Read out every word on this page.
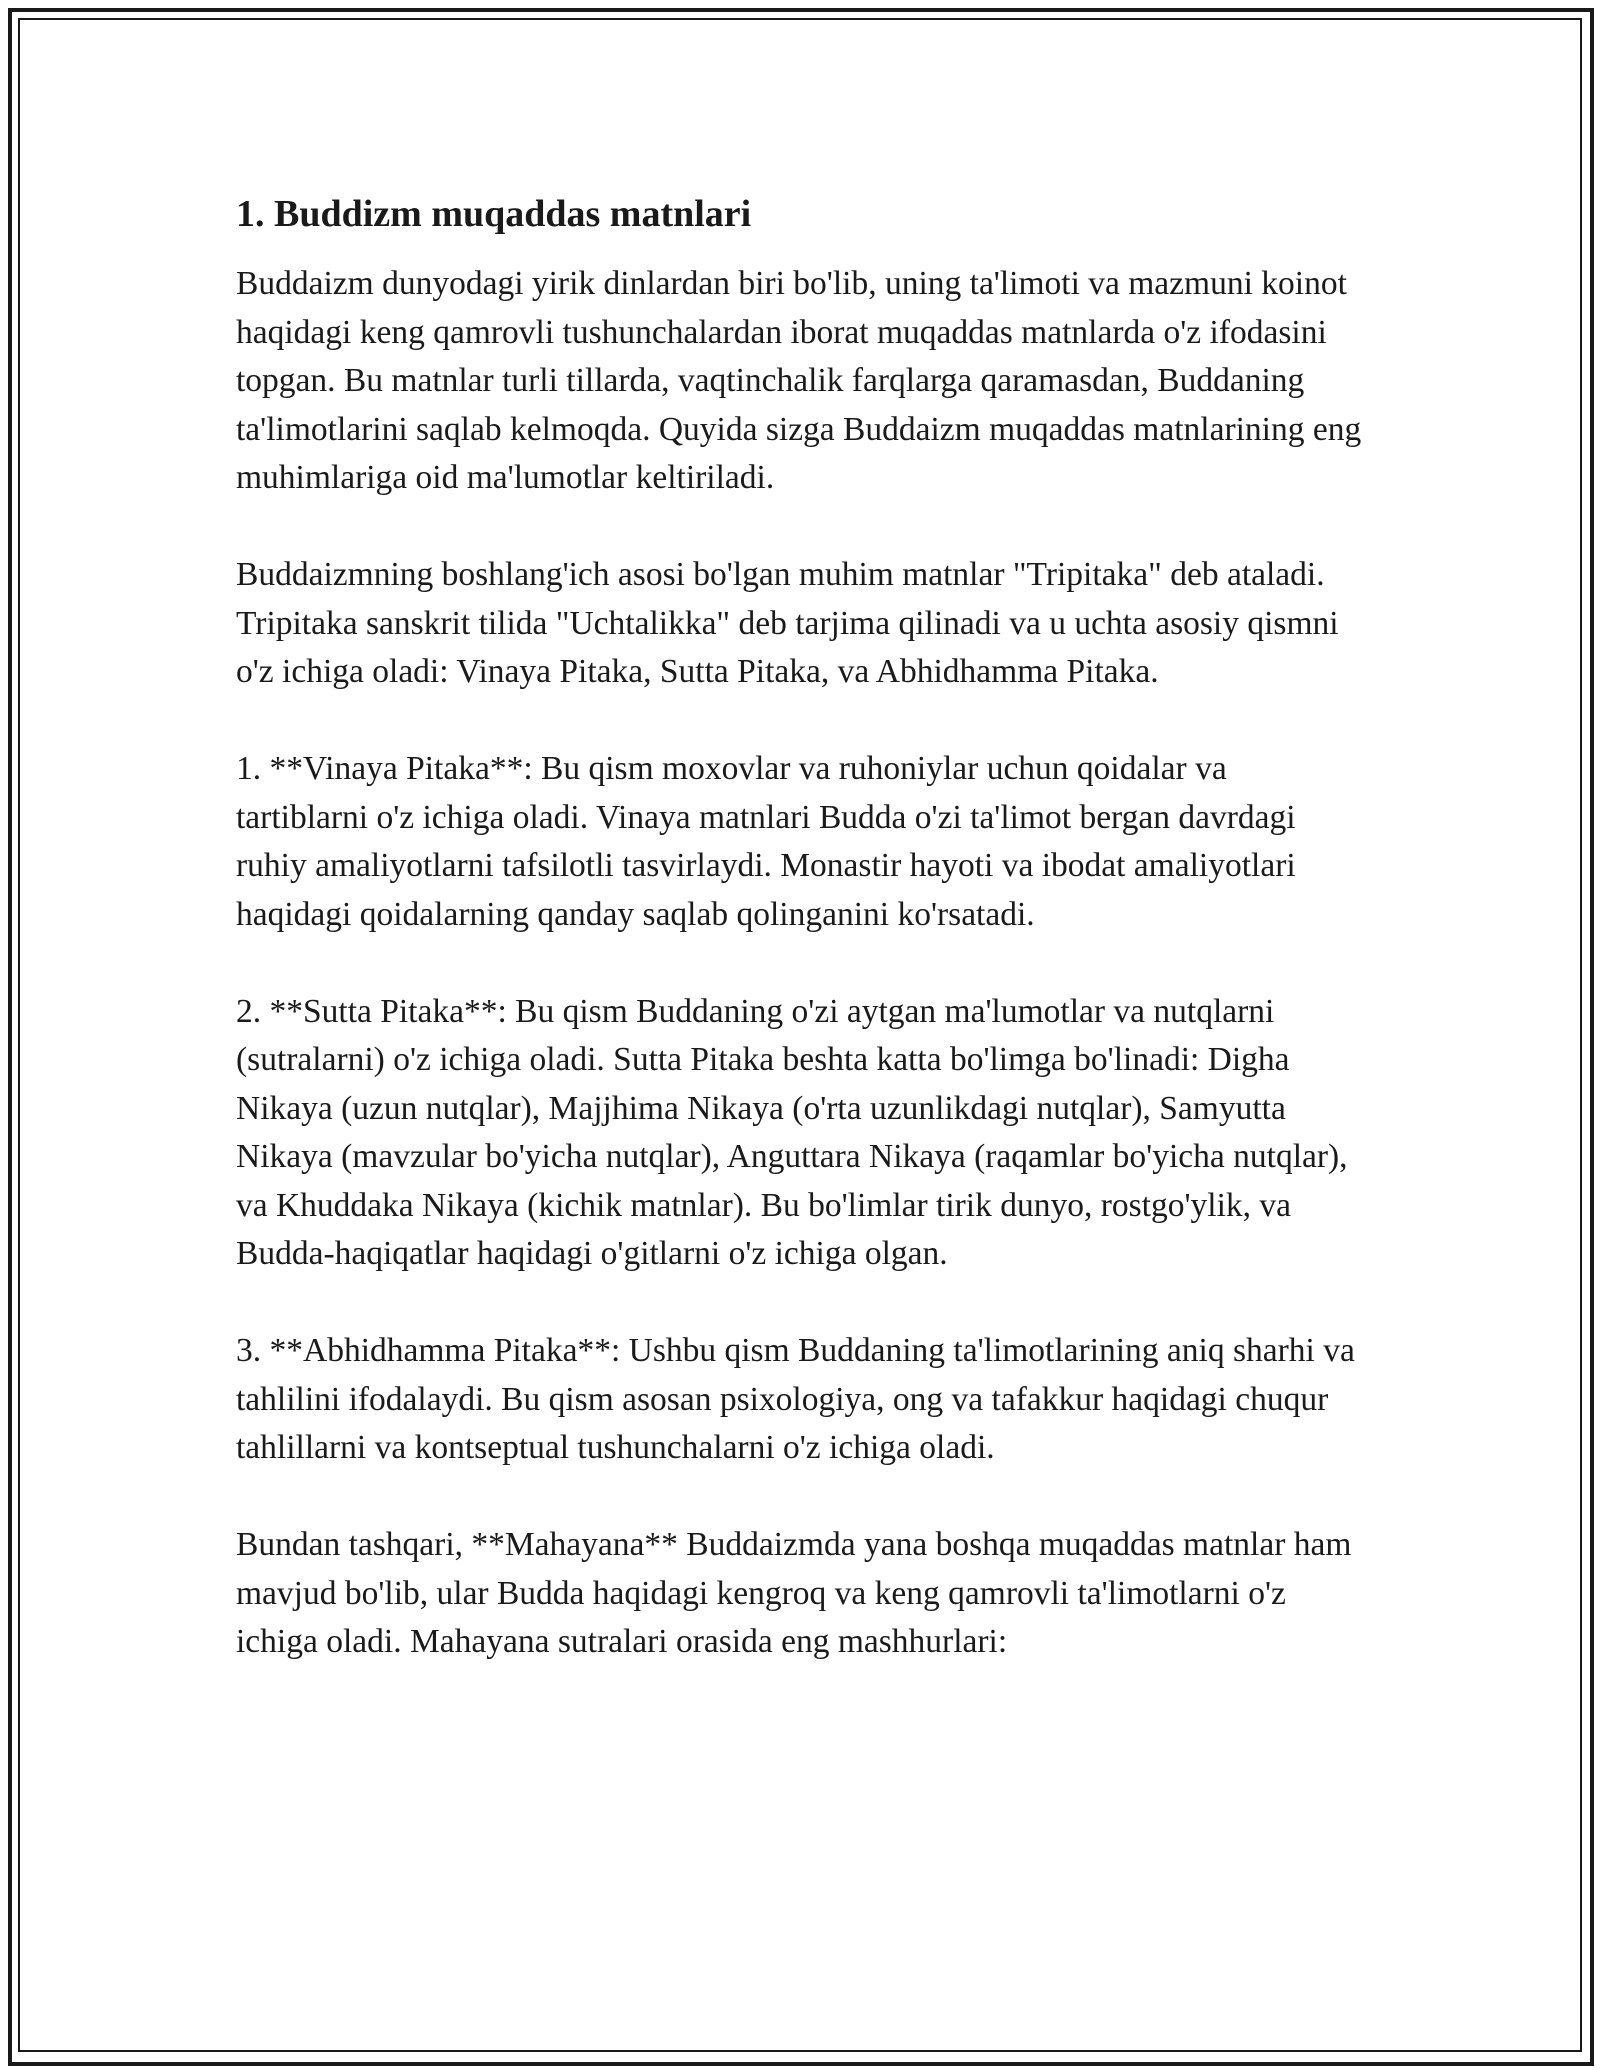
1. Buddizm muqaddas matnlari

Buddaizm dunyodagi yirik dinlardan biri bo'lib, uning ta'limoti va mazmuni koinot haqidagi keng qamrovli tushunchalardan iborat muqaddas matnlarda o'z ifodasini topgan. Bu matnlar turli tillarda, vaqtinchalik farqlarga qaramasdan, Buddaning ta'limotlarini saqlab kelmoqda. Quyida sizga Buddaizm muqaddas matnlarining eng muhimlariga oid ma'lumotlar keltiriladi.

Buddaizmning boshlang'ich asosi bo'lgan muhim matnlar "Tripitaka" deb ataladi. Tripitaka sanskrit tilida "Uchtalikka" deb tarjima qilinadi va u uchta asosiy qismni o'z ichiga oladi: Vinaya Pitaka, Sutta Pitaka, va Abhidhamma Pitaka.

1. **Vinaya Pitaka**: Bu qism moxovlar va ruhoniylar uchun qoidalar va tartiblarni o'z ichiga oladi. Vinaya matnlari Budda o'zi ta'limot bergan davrdagi ruhiy amaliyotlarni tafsilotli tasvirlaydi. Monastir hayoti va ibodat amaliyotlari haqidagi qoidalarning qanday saqlab qolinganini ko'rsatadi.

2. **Sutta Pitaka**: Bu qism Buddaning o'zi aytgan ma'lumotlar va nutqlarni (sutralarni) o'z ichiga oladi. Sutta Pitaka beshta katta bo'limga bo'linadi: Digha Nikaya (uzun nutqlar), Majjhima Nikaya (o'rta uzunlikdagi nutqlar), Samyutta Nikaya (mavzular bo'yicha nutqlar), Anguttara Nikaya (raqamlar bo'yicha nutqlar), va Khuddaka Nikaya (kichik matnlar). Bu bo'limlar tirik dunyo, rostgo'ylik, va Budda-haqiqatlar haqidagi o'gitlarni o'z ichiga olgan.

3. **Abhidhamma Pitaka**: Ushbu qism Buddaning ta'limotlarining aniq sharhi va tahlilini ifodalaydi. Bu qism asosan psixologiya, ong va tafakkur haqidagi chuqur tahlillarni va kontseptual tushunchalarni o'z ichiga oladi.

Bundan tashqari, **Mahayana** Buddaizmda yana boshqa muqaddas matnlar ham mavjud bo'lib, ular Budda haqidagi kengroq va keng qamrovli ta'limotlarni o'z ichiga oladi. Mahayana sutralari orasida eng mashhurlari:
